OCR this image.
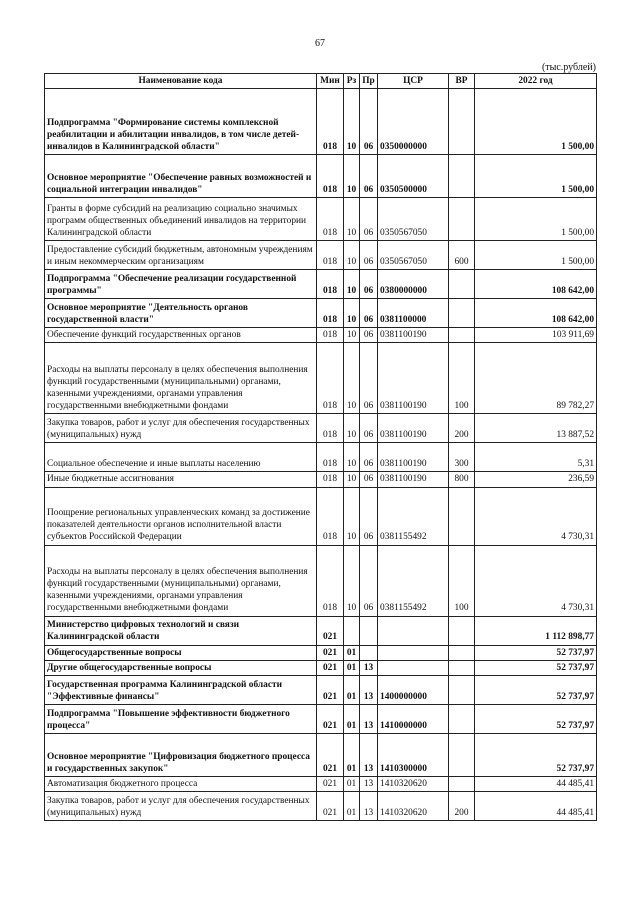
67
(тыс.рублей)
Наименование кода	Мин	Рз	Пр	ЦСР	ВР	2022 год
Подпрограмма "Формирование системы комплексной реабилитации и абилитации инвалидов, в том числе детей-инвалидов в Калининградской области"	018	10	06	0350000000		1 500,00
Основное мероприятие "Обеспечение равных возможностей и социальной интеграции инвалидов"	018	10	06	0350500000		1 500,00
Гранты в форме субсидий на реализацию социально значимых программ общественных объединений инвалидов на территории Калининградской области	018	10	06	0350567050		1 500,00
Предоставление субсидий бюджетным, автономным учреждениям и иным некоммерческим организациям	018	10	06	0350567050	600	1 500,00
Подпрограмма "Обеспечение реализации государственной программы"	018	10	06	0380000000		108 642,00
Основное мероприятие "Деятельность органов государственной власти"	018	10	06	0381100000		108 642,00
Обеспечение функций государственных органов	018	10	06	0381100190		103 911,69
Расходы на выплаты персоналу в целях обеспечения выполнения функций государственными (муниципальными) органами, казенными учреждениями, органами управления государственными внебюджетными фондами	018	10	06	0381100190	100	89 782,27
Закупка товаров, работ и услуг для обеспечения государственных (муниципальных) нужд	018	10	06	0381100190	200	13 887,52
Социальное обеспечение и иные выплаты населению	018	10	06	0381100190	300	5,31
Иные бюджетные ассигнования	018	10	06	0381100190	800	236,59
Поощрение региональных управленческих команд за достижение показателей деятельности органов исполнительной власти субъектов Российской Федерации	018	10	06	0381155492		4 730,31
Расходы на выплаты персоналу в целях обеспечения выполнения функций государственными (муниципальными) органами, казенными учреждениями, органами управления государственными внебюджетными фондами	018	10	06	0381155492	100	4 730,31
Министерство цифровых технологий и связи Калининградской области	021					1 112 898,77
Общегосударственные вопросы	021	01				52 737,97
Другие общегосударственные вопросы	021	01	13			52 737,97
Государственная программа Калининградской области "Эффективные финансы"	021	01	13	1400000000		52 737,97
Подпрограмма "Повышение эффективности бюджетного процесса"	021	01	13	1410000000		52 737,97
Основное мероприятие "Цифровизация бюджетного процесса и государственных закупок"	021	01	13	1410300000		52 737,97
Автоматизация бюджетного процесса	021	01	13	1410320620		44 485,41
Закупка товаров, работ и услуг для обеспечения государственных (муниципальных) нужд	021	01	13	1410320620	200	44 485,41
